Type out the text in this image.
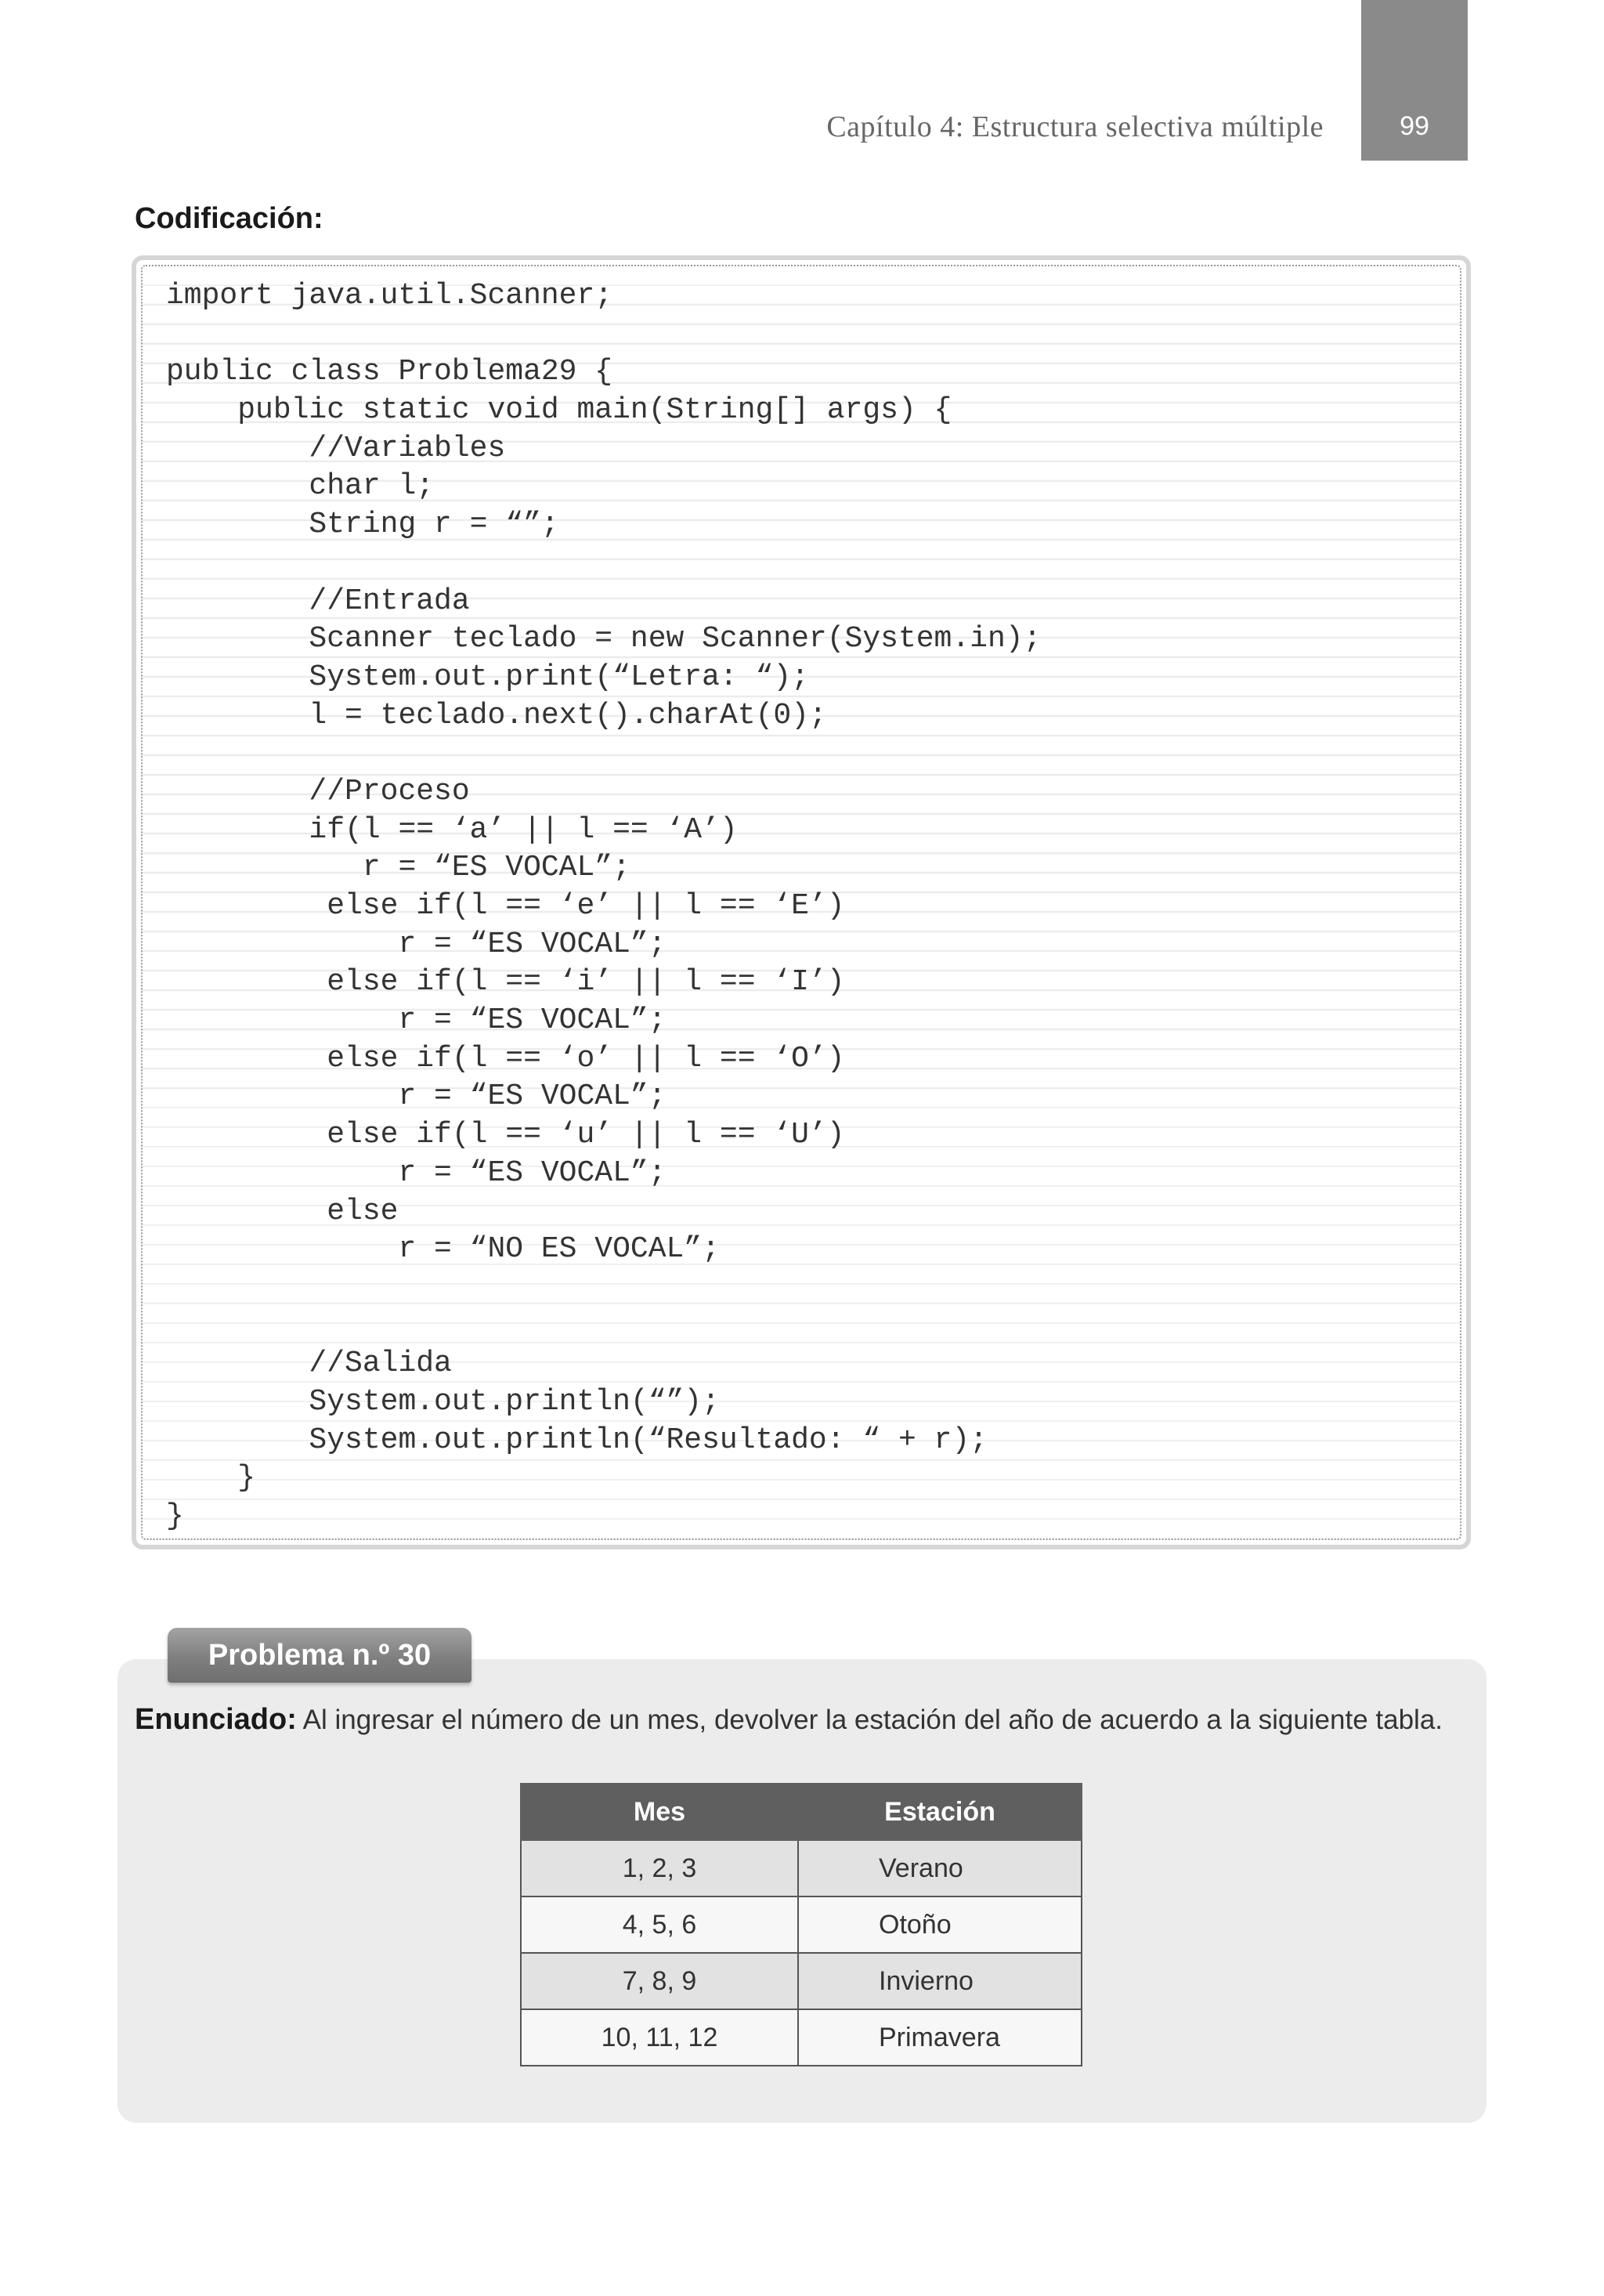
99
Capítulo 4: Estructura selectiva múltiple
Codificación:
import java.util.Scanner;
public class Problema29 {
public static void main(String[] args) {
//Variables
char l;
String r = “”;
//Entrada
Scanner teclado = new Scanner(System.in);
System.out.print(“Letra: “);
l = teclado.next().charAt(0);
//Proceso
if(l == ‘a’ || l == ‘A’)
r = “ES VOCAL”;
else if(l == ‘e’ || l == ‘E’)
r = “ES VOCAL”;
else if(l == ‘i’ || l == ‘I’)
r = “ES VOCAL”;
else if(l == ‘o’ || l == ‘O’)
r = “ES VOCAL”;
else if(l == ‘u’ || l == ‘U’)
r = “ES VOCAL”;
else
r = “NO ES VOCAL”;
//Salida
System.out.println(“”);
System.out.println(“Resultado: “ + r);
}
}
Problema n.º 30
Enunciado: Al ingresar el número de un mes, devolver la estación del año de acuerdo a la siguiente tabla.
Mes	Estación
1, 2, 3	Verano
4, 5, 6	Otoño
7, 8, 9	Invierno
10, 11, 12	Primavera
